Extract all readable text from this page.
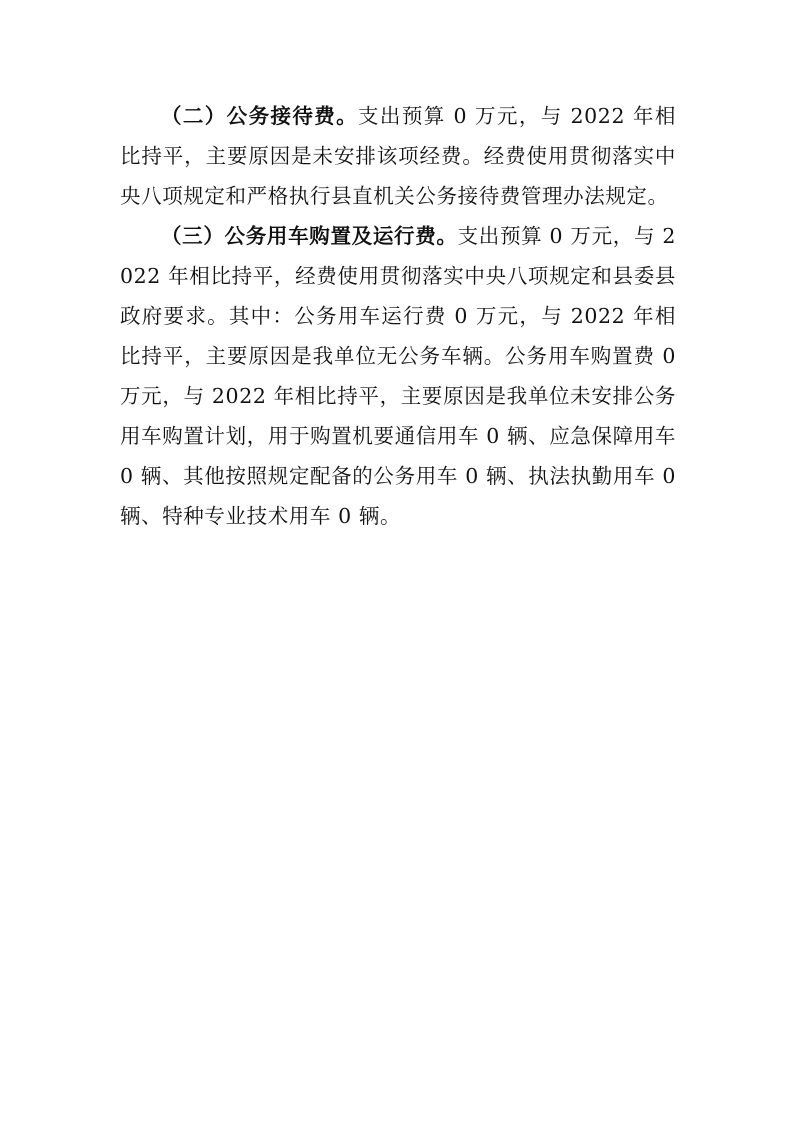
（二）公务接待费。支出预算 0 万元，与 2022 年相比持平，主要原因是未安排该项经费。经费使用贯彻落实中央八项规定和严格执行县直机关公务接待费管理办法规定。

（三）公务用车购置及运行费。支出预算 0 万元，与 2022 年相比持平，经费使用贯彻落实中央八项规定和县委县政府要求。其中：公务用车运行费 0 万元，与 2022 年相比持平，主要原因是我单位无公务车辆。公务用车购置费 0 万元，与 2022 年相比持平，主要原因是我单位未安排公务用车购置计划，用于购置机要通信用车 0 辆、应急保障用车 0 辆、其他按照规定配备的公务用车 0 辆、执法执勤用车 0 辆、特种专业技术用车 0 辆。
